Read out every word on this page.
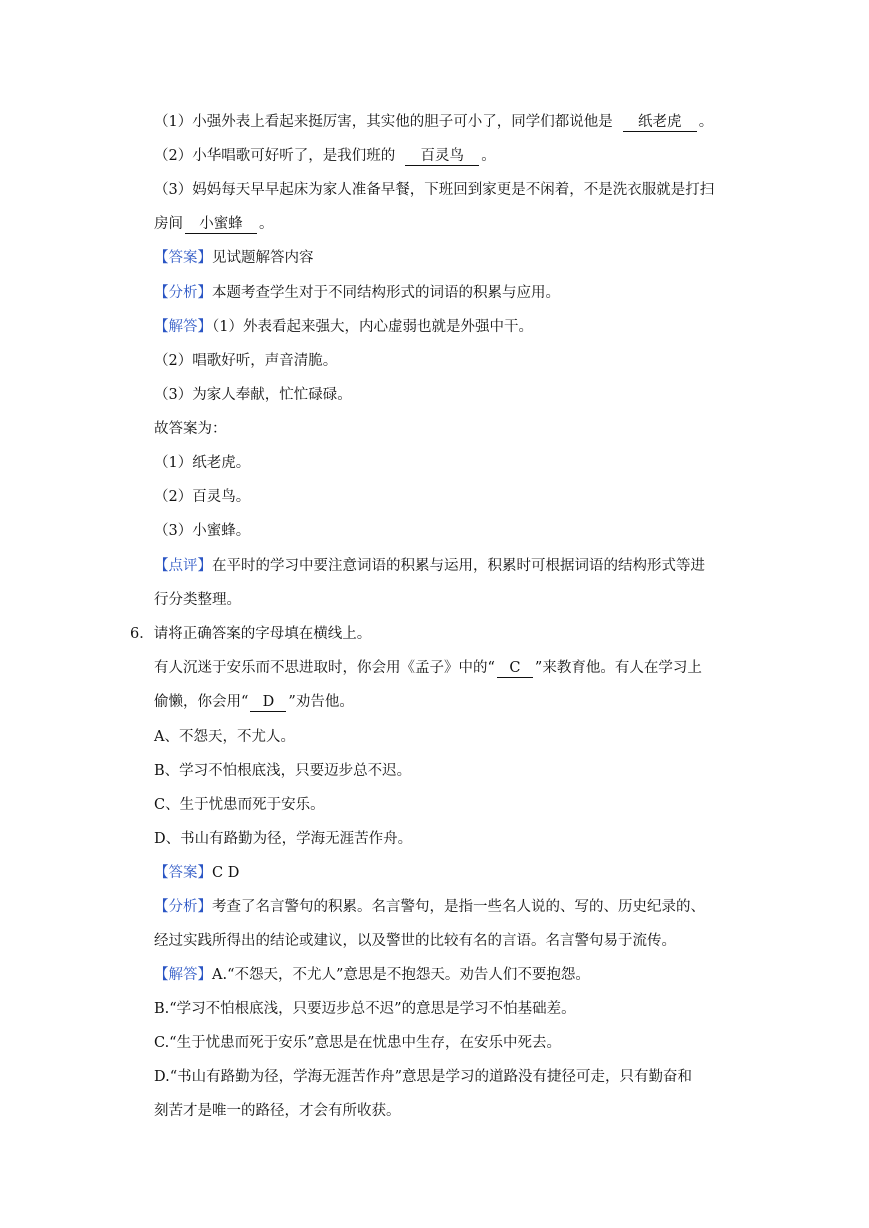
（1）小强外表上看起来挺厉害，其实他的胆子可小了，同学们都说他是 纸老虎 。
（2）小华唱歌可好听了，是我们班的 百灵鸟 。
（3）妈妈每天早早起床为家人准备早餐，下班回到家更是不闲着，不是洗衣服就是打扫
房间 小蜜蜂 。
【答案】见试题解答内容
【分析】本题考查学生对于不同结构形式的词语的积累与应用。
【解答】（1）外表看起来强大，内心虚弱也就是外强中干。
（2）唱歌好听，声音清脆。
（3）为家人奉献，忙忙碌碌。
故答案为：
（1）纸老虎。
（2）百灵鸟。
（3）小蜜蜂。
【点评】在平时的学习中要注意词语的积累与运用，积累时可根据词语的结构形式等进
行分类整理。
6．请将正确答案的字母填在横线上。
有人沉迷于安乐而不思进取时，你会用《孟子》中的“ C ”来教育他。有人在学习上
偷懒，你会用“ D ”劝告他。
A、不怨天，不尤人。
B、学习不怕根底浅，只要迈步总不迟。
C、生于忧患而死于安乐。
D、书山有路勤为径，学海无涯苦作舟。
【答案】C D
【分析】考查了名言警句的积累。名言警句，是指一些名人说的、写的、历史纪录的、
经过实践所得出的结论或建议，以及警世的比较有名的言语。名言警句易于流传。
【解答】A.“不怨天，不尤人”意思是不抱怨天。劝告人们不要抱怨。
B.“学习不怕根底浅，只要迈步总不迟”的意思是学习不怕基础差。
C.“生于忧患而死于安乐”意思是在忧患中生存，在安乐中死去。
D.“书山有路勤为径，学海无涯苦作舟”意思是学习的道路没有捷径可走，只有勤奋和
刻苦才是唯一的路径，才会有所收获。
